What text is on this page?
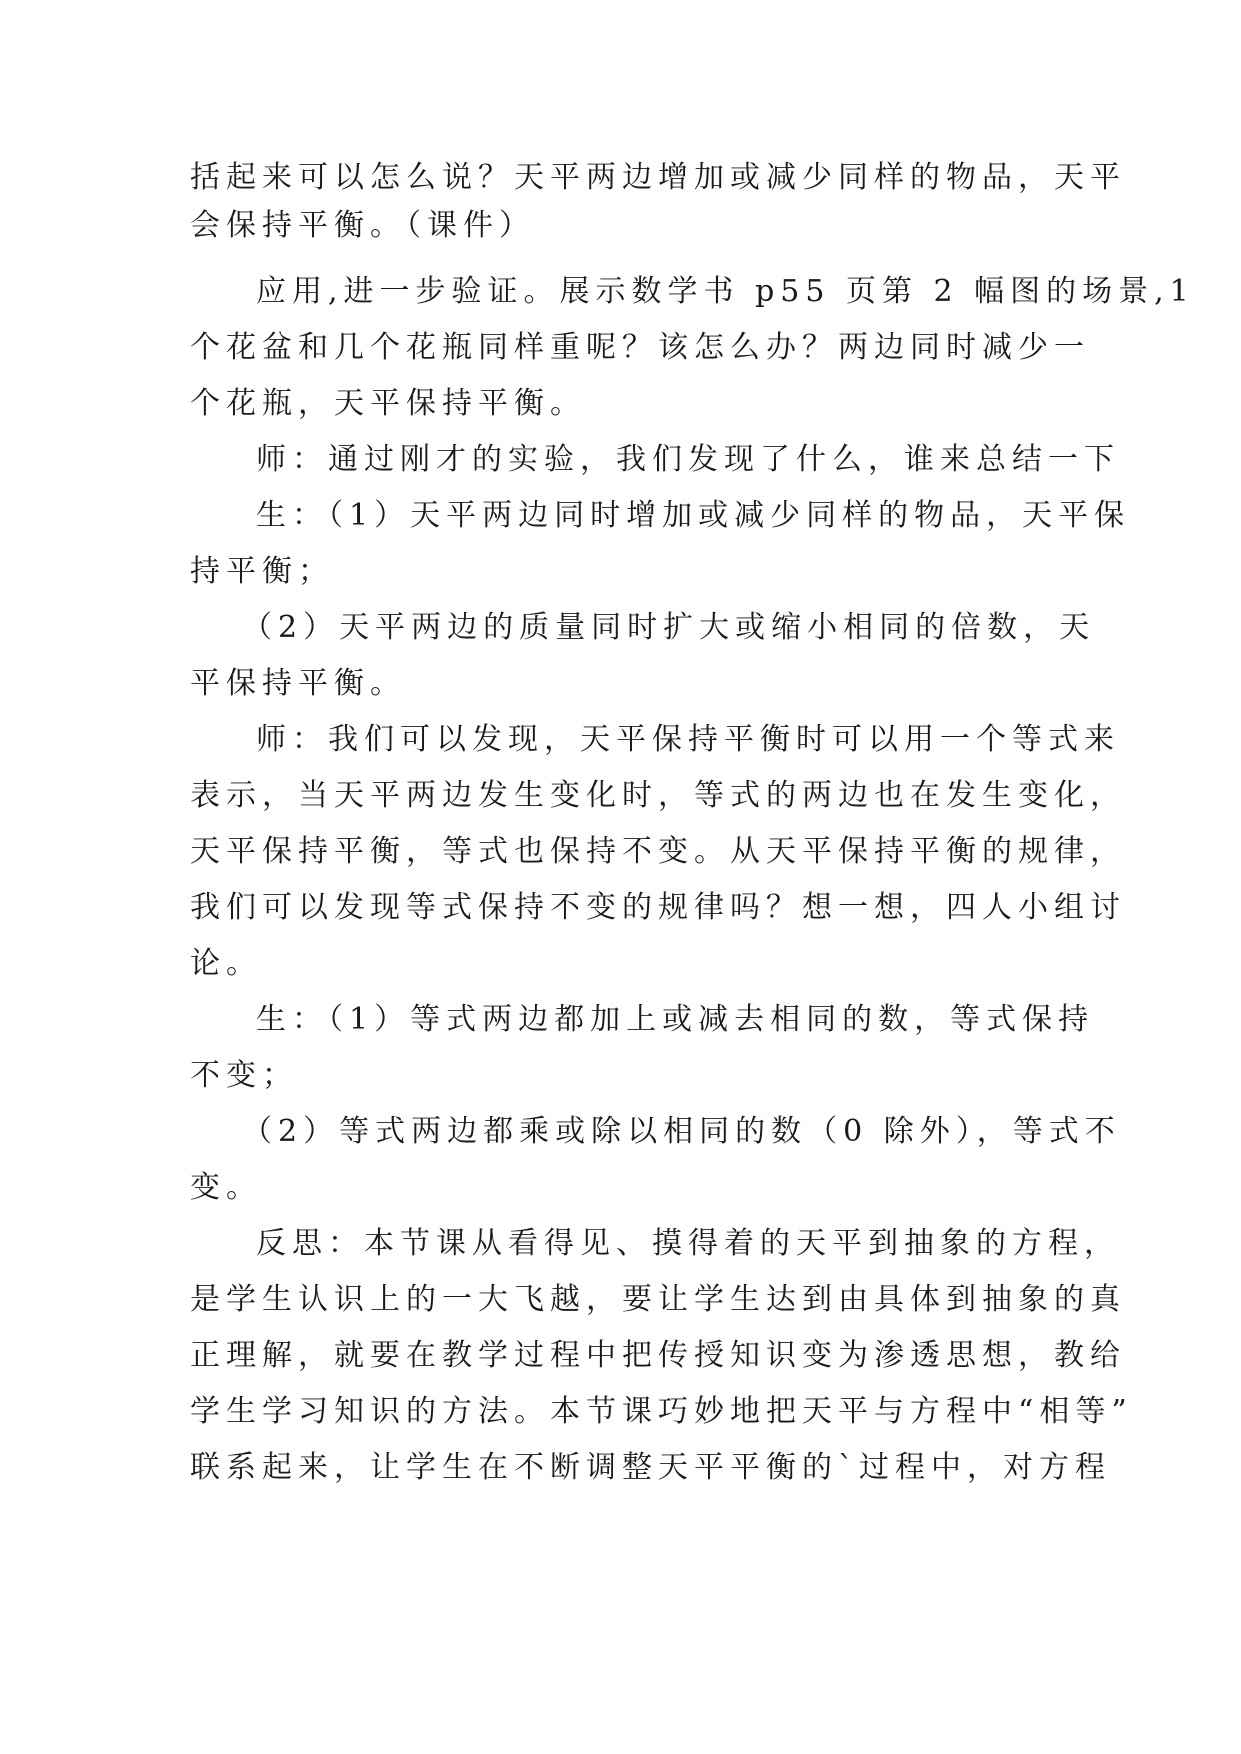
括起来可以怎么说？天平两边增加或减少同样的物品，天平
会保持平衡。（课件）
应用,进一步验证。展示数学书 p55 页第 2 幅图的场景,1
个花盆和几个花瓶同样重呢？该怎么办？两边同时减少一
个花瓶，天平保持平衡。
师：通过刚才的实验，我们发现了什么，谁来总结一下
生：（1）天平两边同时增加或减少同样的物品，天平保
持平衡；
（2）天平两边的质量同时扩大或缩小相同的倍数，天
平保持平衡。
师：我们可以发现，天平保持平衡时可以用一个等式来
表示，当天平两边发生变化时，等式的两边也在发生变化，
天平保持平衡，等式也保持不变。从天平保持平衡的规律，
我们可以发现等式保持不变的规律吗？想一想，四人小组讨
论。
生：（1）等式两边都加上或减去相同的数，等式保持
不变；
（2）等式两边都乘或除以相同的数（0 除外），等式不
变。
反思：本节课从看得见、摸得着的天平到抽象的方程，
是学生认识上的一大飞越，要让学生达到由具体到抽象的真
正理解，就要在教学过程中把传授知识变为渗透思想，教给
学生学习知识的方法。本节课巧妙地把天平与方程中“相等”
联系起来，让学生在不断调整天平平衡的`过程中，对方程
